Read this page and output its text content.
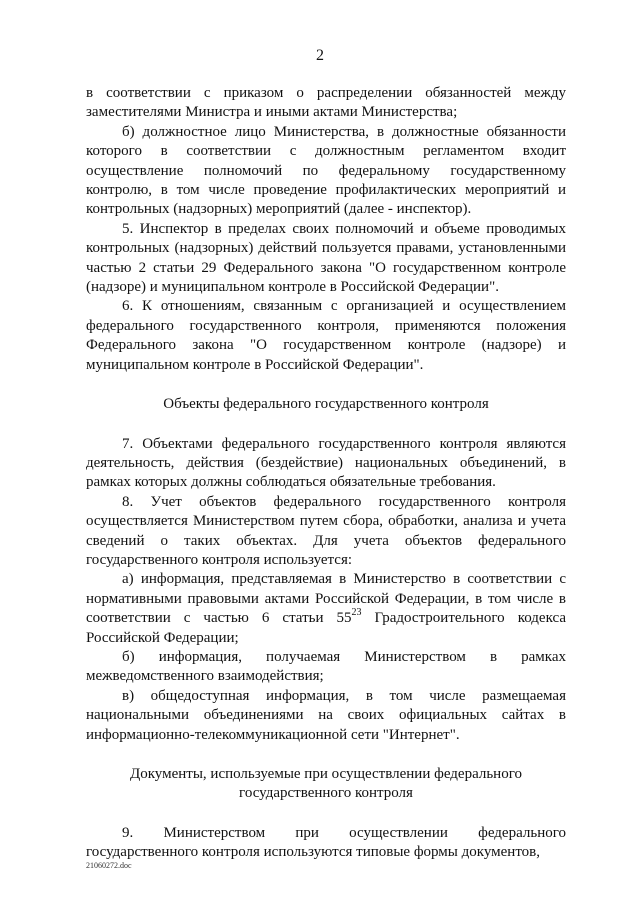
2

в соответствии с приказом о распределении обязанностей между заместителями Министра и иными актами Министерства;

б) должностное лицо Министерства, в должностные обязанности которого в соответствии с должностным регламентом входит осуществление полномочий по федеральному государственному контролю, в том числе проведение профилактических мероприятий и контрольных (надзорных) мероприятий (далее - инспектор).

5. Инспектор в пределах своих полномочий и объеме проводимых контрольных (надзорных) действий пользуется правами, установленными частью 2 статьи 29 Федерального закона "О государственном контроле (надзоре) и муниципальном контроле в Российской Федерации".

6. К отношениям, связанным с организацией и осуществлением федерального государственного контроля, применяются положения Федерального закона "О государственном контроле (надзоре) и муниципальном контроле в Российской Федерации".

Объекты федерального государственного контроля

7. Объектами федерального государственного контроля являются деятельность, действия (бездействие) национальных объединений, в рамках которых должны соблюдаться обязательные требования.

8. Учет объектов федерального государственного контроля осуществляется Министерством путем сбора, обработки, анализа и учета сведений о таких объектах. Для учета объектов федерального государственного контроля используется:

а) информация, представляемая в Министерство в соответствии с нормативными правовыми актами Российской Федерации, в том числе в соответствии с частью 6 статьи $55^{23}$ Градостроительного кодекса Российской Федерации;

б) информация, получаемая Министерством в рамках межведомственного взаимодействия;

в) общедоступная информация, в том числе размещаемая национальными объединениями на своих официальных сайтах в информационно-телекоммуникационной сети "Интернет".

Документы, используемые при осуществлении федерального

государственного контроля

9. Министерством при осуществлении федерального государственного контроля используются типовые формы документов,

21060272.doc
